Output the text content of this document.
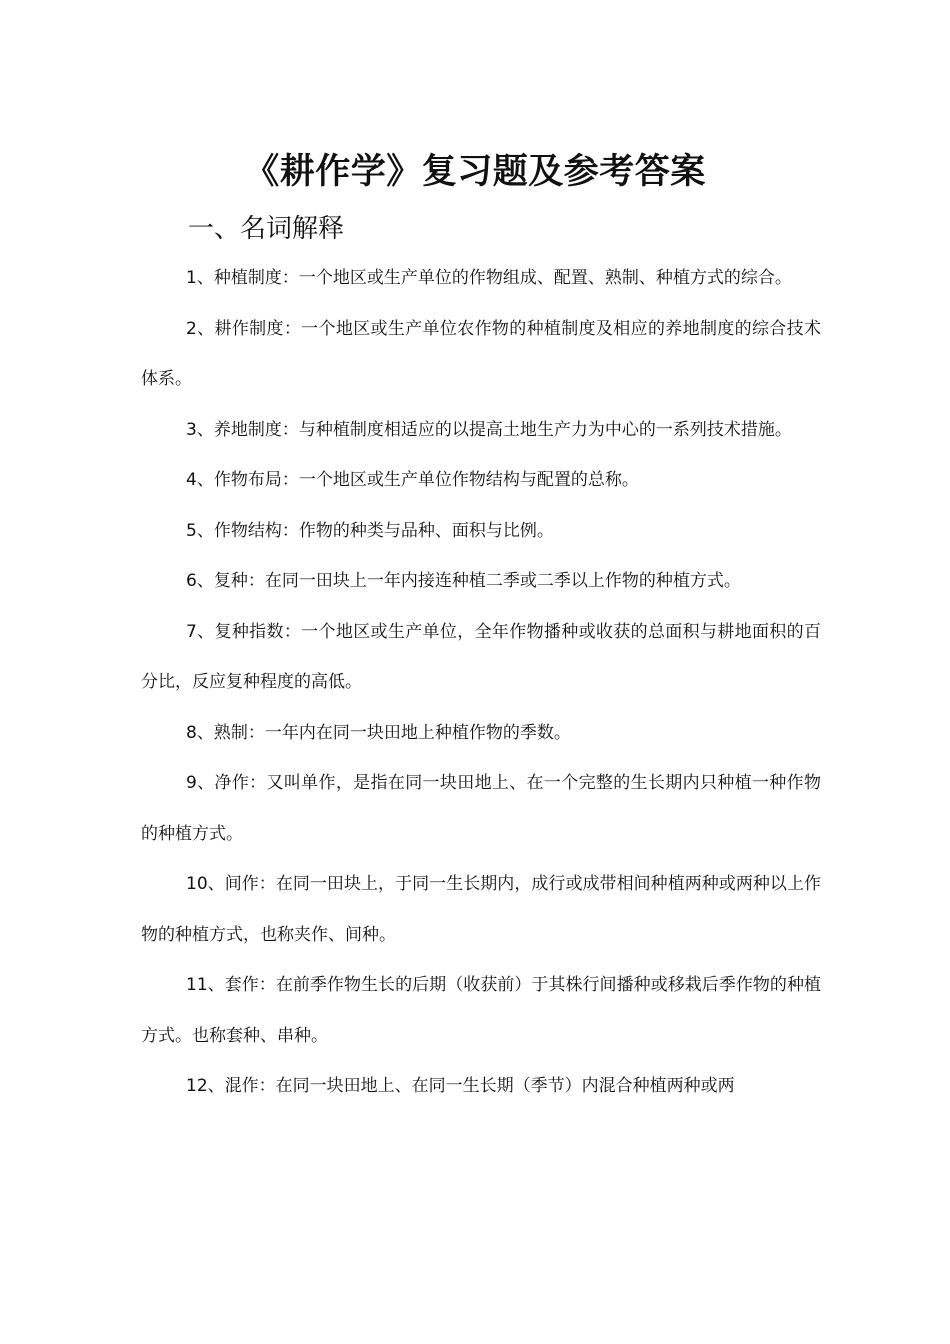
《耕作学》复习题及参考答案
一、名词解释
1、种植制度：一个地区或生产单位的作物组成、配置、熟制、种植方式的综合。
2、耕作制度：一个地区或生产单位农作物的种植制度及相应的养地制度的综合技术体系。
3、养地制度：与种植制度相适应的以提高土地生产力为中心的一系列技术措施。
4、作物布局：一个地区或生产单位作物结构与配置的总称。
5、作物结构：作物的种类与品种、面积与比例。
6、复种：在同一田块上一年内接连种植二季或二季以上作物的种植方式。
7、复种指数：一个地区或生产单位，全年作物播种或收获的总面积与耕地面积的百分比，反应复种程度的高低。
8、熟制：一年内在同一块田地上种植作物的季数。
9、净作：又叫单作，是指在同一块田地上、在一个完整的生长期内只种植一种作物的种植方式。
10、间作：在同一田块上，于同一生长期内，成行或成带相间种植两种或两种以上作物的种植方式，也称夹作、间种。
11、套作：在前季作物生长的后期（收获前）于其株行间播种或移栽后季作物的种植方式。也称套种、串种。
12、混作：在同一块田地上、在同一生长期（季节）内混合种植两种或两
